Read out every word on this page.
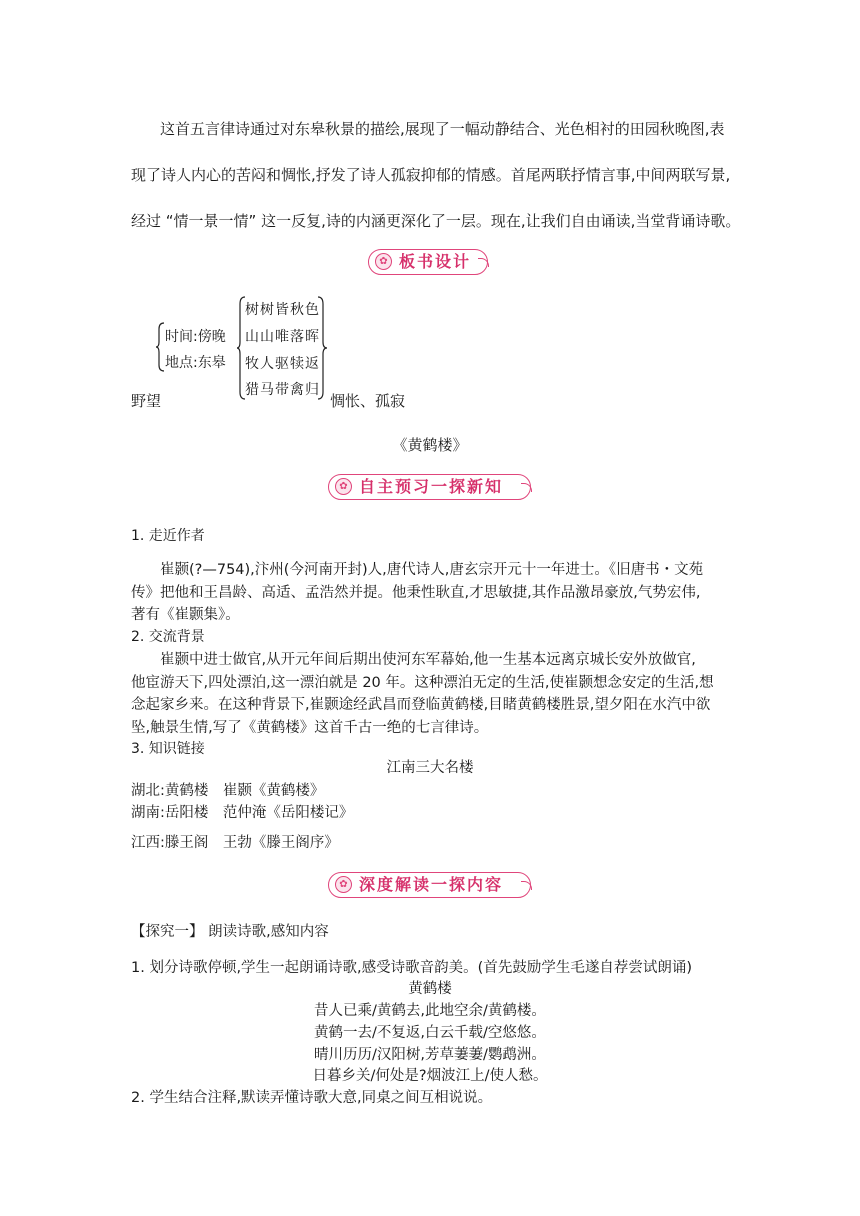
这首五言律诗通过对东皋秋景的描绘,展现了一幅动静结合、光色相衬的田园秋晚图,表
现了诗人内心的苦闷和惆怅,抒发了诗人孤寂抑郁的情感。首尾两联抒情言事,中间两联写景,
经过 “情一景一情” 这一反复,诗的内涵更深化了一层。现在,让我们自由诵读,当堂背诵诗歌。
✿ 板书设计
野望
时间:傍晚
地点:东皋
树树皆秋色
山山唯落晖
牧人驱犊返
猎马带禽归
惆怅、孤寂
《黄鹤楼》
✿ 自主预习一探新知
1. 走近作者
崔颢(?—754),汴州(今河南开封)人,唐代诗人,唐玄宗开元十一年进士。《旧唐书・文苑
传》把他和王昌龄、高适、孟浩然并提。他秉性耿直,才思敏捷,其作品激昂豪放,气势宏伟,
著有《崔颢集》。
2. 交流背景
崔颢中进士做官,从开元年间后期出使河东军幕始,他一生基本远离京城长安外放做官,
他宦游天下,四处漂泊,这一漂泊就是 20 年。这种漂泊无定的生活,使崔颢想念安定的生活,想
念起家乡来。在这种背景下,崔颢途经武昌而登临黄鹤楼,目睹黄鹤楼胜景,望夕阳在水汽中欲
坠,触景生情,写了《黄鹤楼》这首千古一绝的七言律诗。
3. 知识链接
江南三大名楼
湖北:黄鹤楼　崔颢《黄鹤楼》
湖南:岳阳楼　范仲淹《岳阳楼记》
江西:滕王阁　王勃《滕王阁序》
✿ 深度解读一探内容
【探究一】 朗读诗歌,感知内容
1. 划分诗歌停顿,学生一起朗诵诗歌,感受诗歌音韵美。(首先鼓励学生毛遂自荐尝试朗诵)
黄鹤楼
昔人已乘/黄鹤去,此地空余/黄鹤楼。
黄鹤一去/不复返,白云千载/空悠悠。
晴川历历/汉阳树,芳草萋萋/鹦鹉洲。
日暮乡关/何处是?烟波江上/使人愁。
2. 学生结合注释,默读弄懂诗歌大意,同桌之间互相说说。
